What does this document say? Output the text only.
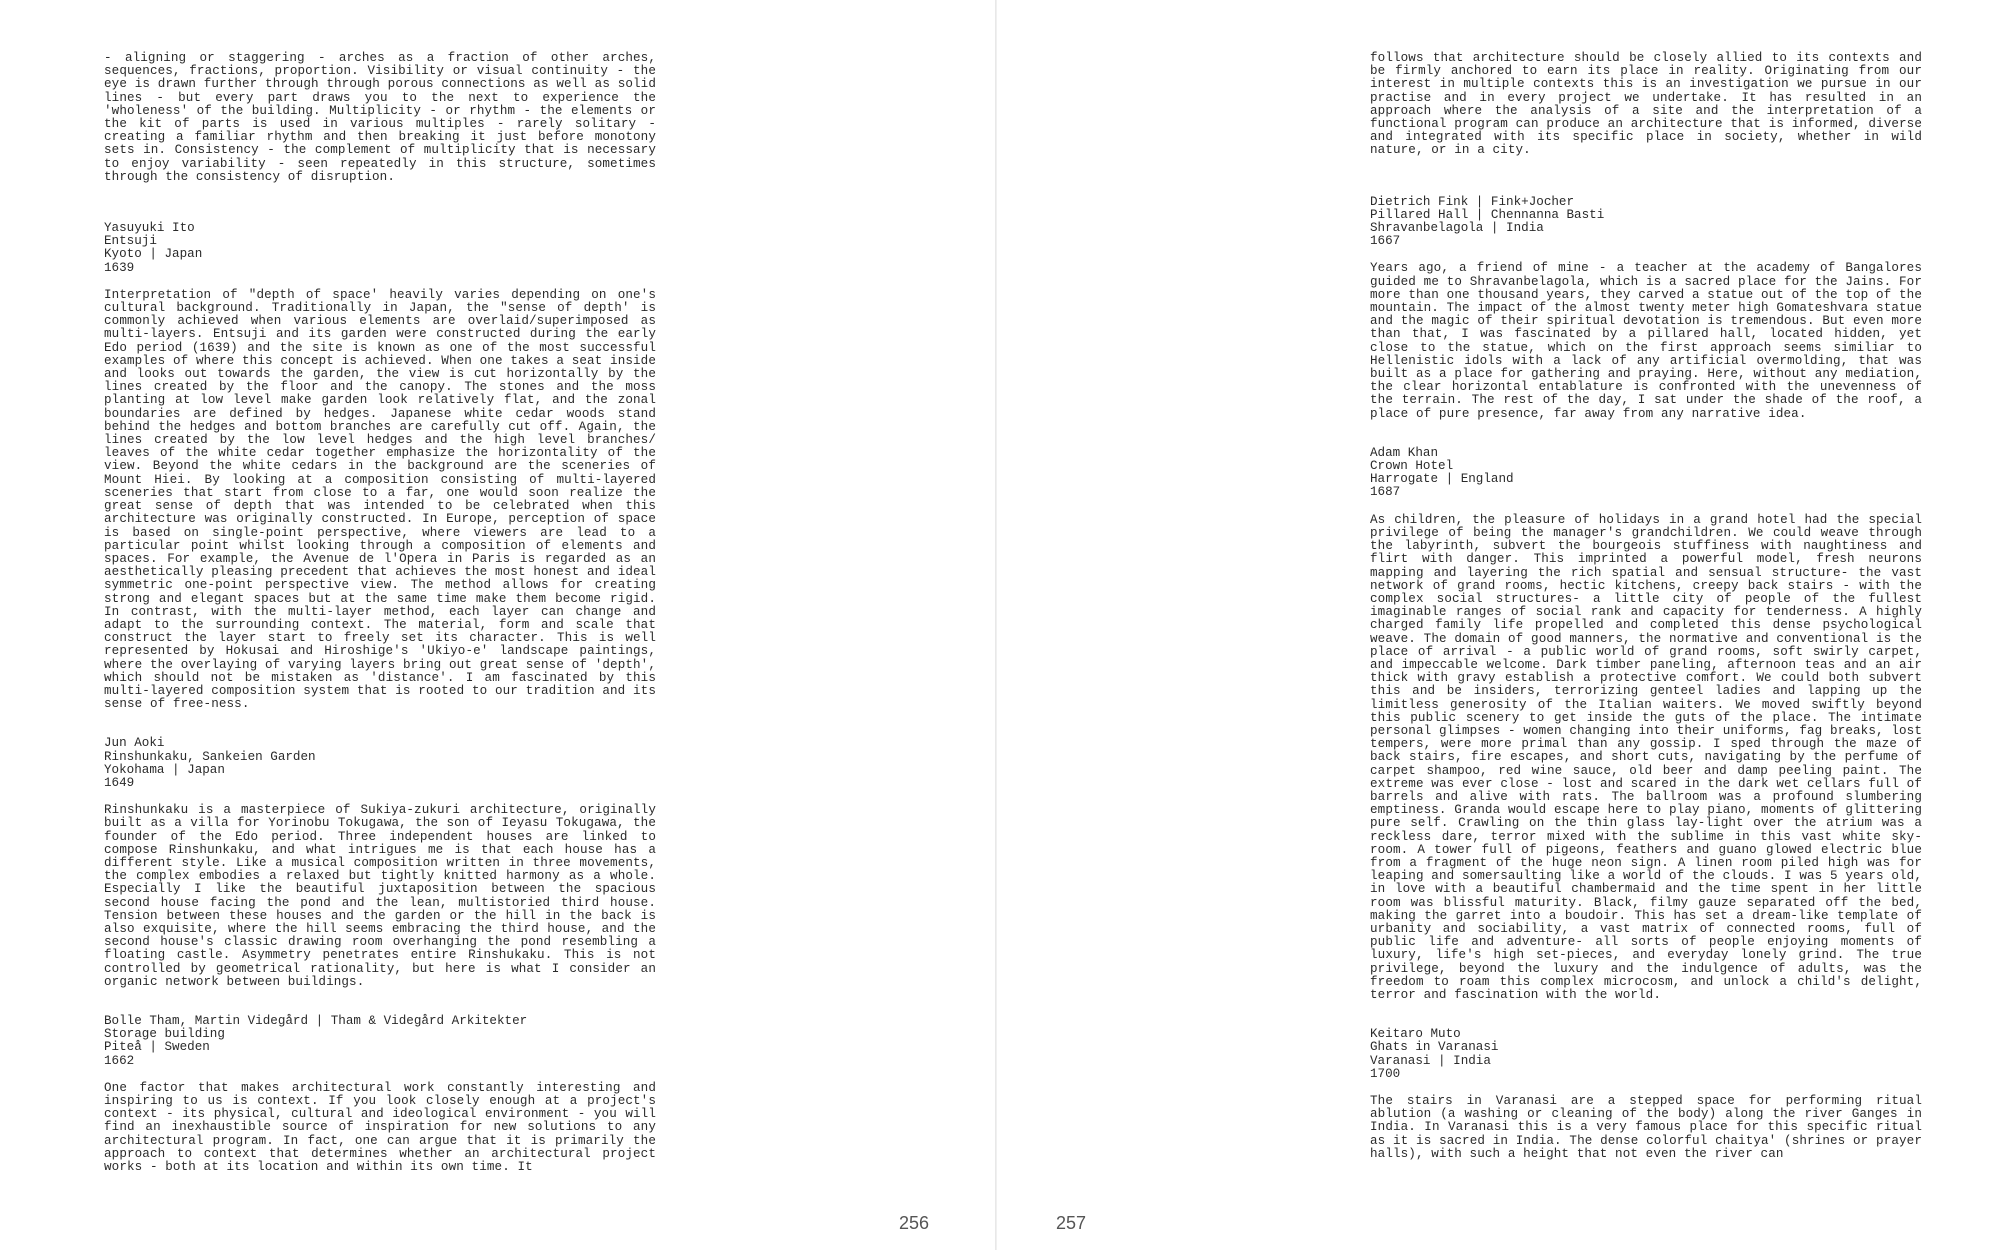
- aligning or staggering - arches as a fraction of other arches, sequences, fractions, proportion. Visibility or visual continuity - the eye is drawn further through through porous connections as well as solid lines - but every part draws you to the next to experience the 'wholeness' of the building. Multiplicity - or rhythm - the elements or the kit of parts is used in various multiples - rarely solitary - creating a familiar rhythm and then breaking it just before monotony sets in. Consistency - the complement of multiplicity that is necessary to enjoy variability - seen repeatedly in this structure, sometimes through the consistency of disruption.

Yasuyuki Ito
Entsuji
Kyoto | Japan
1639

Interpretation of "depth of space' heavily varies depending on one's cultural background. Traditionally in Japan, the "sense of depth' is commonly achieved when various elements are overlaid/superimposed as multi-layers. Entsuji and its garden were constructed during the early Edo period (1639) and the site is known as one of the most successful examples of where this concept is achieved. When one takes a seat inside and looks out towards the garden, the view is cut horizontally by the lines created by the floor and the canopy. The stones and the moss planting at low level make garden look relatively flat, and the zonal boundaries are defined by hedges. Japanese white cedar woods stand behind the hedges and bottom branches are carefully cut off. Again, the lines created by the low level hedges and the high level branches/ leaves of the white cedar together emphasize the horizontality of the view. Beyond the white cedars in the background are the sceneries of Mount Hiei. By looking at a composition consisting of multi-layered sceneries that start from close to a far, one would soon realize the great sense of depth that was intended to be celebrated when this architecture was originally constructed. In Europe, perception of space is based on single-point perspective, where viewers are lead to a particular point whilst looking through a composition of elements and spaces. For example, the Avenue de l'Opera in Paris is regarded as an aesthetically pleasing precedent that achieves the most honest and ideal symmetric one-point perspective view. The method allows for creating strong and elegant spaces but at the same time make them become rigid. In contrast, with the multi-layer method, each layer can change and adapt to the surrounding context. The material, form and scale that construct the layer start to freely set its character. This is well represented by Hokusai and Hiroshige's 'Ukiyo-e' landscape paintings, where the overlaying of varying layers bring out great sense of 'depth', which should not be mistaken as 'distance'. I am fascinated by this multi-layered composition system that is rooted to our tradition and its sense of free-ness.

Jun Aoki
Rinshunkaku, Sankeien Garden
Yokohama | Japan
1649

Rinshunkaku is a masterpiece of Sukiya-zukuri architecture, originally built as a villa for Yorinobu Tokugawa, the son of Ieyasu Tokugawa, the founder of the Edo period. Three independent houses are linked to compose Rinshunkaku, and what intrigues me is that each house has a different style. Like a musical composition written in three movements, the complex embodies a relaxed but tightly knitted harmony as a whole. Especially I like the beautiful juxtaposition between the spacious second house facing the pond and the lean, multistoried third house. Tension between these houses and the garden or the hill in the back is also exquisite, where the hill seems embracing the third house, and the second house's classic drawing room overhanging the pond resembling a floating castle. Asymmetry penetrates entire Rinshukaku. This is not controlled by geometrical rationality, but here is what I consider an organic network between buildings.

Bolle Tham, Martin Videgård | Tham & Videgård Arkitekter
Storage building
Piteå | Sweden
1662

One factor that makes architectural work constantly interesting and inspiring to us is context. If you look closely enough at a project's context - its physical, cultural and ideological environment - you will find an inexhaustible source of inspiration for new solutions to any architectural program. In fact, one can argue that it is primarily the approach to context that determines whether an architectural project works - both at its location and within its own time. It

256

follows that architecture should be closely allied to its contexts and be firmly anchored to earn its place in reality. Originating from our interest in multiple contexts this is an investigation we pursue in our practise and in every project we undertake. It has resulted in an approach where the analysis of a site and the interpretation of a functional program can produce an architecture that is informed, diverse and integrated with its specific place in society, whether in wild nature, or in a city.

Dietrich Fink | Fink+Jocher
Pillared Hall | Chennanna Basti
Shravanbelagola | India
1667

Years ago, a friend of mine - a teacher at the academy of Bangalores guided me to Shravanbelagola, which is a sacred place for the Jains. For more than one thousand years, they carved a statue out of the top of the mountain. The impact of the almost twenty meter high Gomateshvara statue and the magic of their spiritual devotation is tremendous. But even more than that, I was fascinated by a pillared hall, located hidden, yet close to the statue, which on the first approach seems similiar to Hellenistic idols with a lack of any artificial overmolding, that was built as a place for gathering and praying. Here, without any mediation, the clear horizontal entablature is confronted with the unevenness of the terrain. The rest of the day, I sat under the shade of the roof, a place of pure presence, far away from any narrative idea.

Adam Khan
Crown Hotel
Harrogate | England
1687

As children, the pleasure of holidays in a grand hotel had the special privilege of being the manager's grandchildren. We could weave through the labyrinth, subvert the bourgeois stuffiness with naughtiness and flirt with danger. This imprinted a powerful model, fresh neurons mapping and layering the rich spatial and sensual structure- the vast network of grand rooms, hectic kitchens, creepy back stairs - with the complex social structures- a little city of people of the fullest imaginable ranges of social rank and capacity for tenderness. A highly charged family life propelled and completed this dense psychological weave. The domain of good manners, the normative and conventional is the place of arrival - a public world of grand rooms, soft swirly carpet, and impeccable welcome. Dark timber paneling, afternoon teas and an air thick with gravy establish a protective comfort. We could both subvert this and be insiders, terrorizing genteel ladies and lapping up the limitless generosity of the Italian waiters. We moved swiftly beyond this public scenery to get inside the guts of the place. The intimate personal glimpses - women changing into their uniforms, fag breaks, lost tempers, were more primal than any gossip. I sped through the maze of back stairs, fire escapes, and short cuts, navigating by the perfume of carpet shampoo, red wine sauce, old beer and damp peeling paint. The extreme was ever close - lost and scared in the dark wet cellars full of barrels and alive with rats. The ballroom was a profound slumbering emptiness. Granda would escape here to play piano, moments of glittering pure self. Crawling on the thin glass lay-light over the atrium was a reckless dare, terror mixed with the sublime in this vast white sky-room. A tower full of pigeons, feathers and guano glowed electric blue from a fragment of the huge neon sign. A linen room piled high was for leaping and somersaulting like a world of the clouds. I was 5 years old, in love with a beautiful chambermaid and the time spent in her little room was blissful maturity. Black, filmy gauze separated off the bed, making the garret into a boudoir. This has set a dream-like template of urbanity and sociability, a vast matrix of connected rooms, full of public life and adventure- all sorts of people enjoying moments of luxury, life's high set-pieces, and everyday lonely grind. The true privilege, beyond the luxury and the indulgence of adults, was the freedom to roam this complex microcosm, and unlock a child's delight, terror and fascination with the world.

Keitaro Muto
Ghats in Varanasi
Varanasi | India
1700

The stairs in Varanasi are a stepped space for performing ritual ablution (a washing or cleaning of the body) along the river Ganges in India. In Varanasi this is a very famous place for this specific ritual as it is sacred in India. The dense colorful chaitya' (shrines or prayer halls), with such a height that not even the river can

257
